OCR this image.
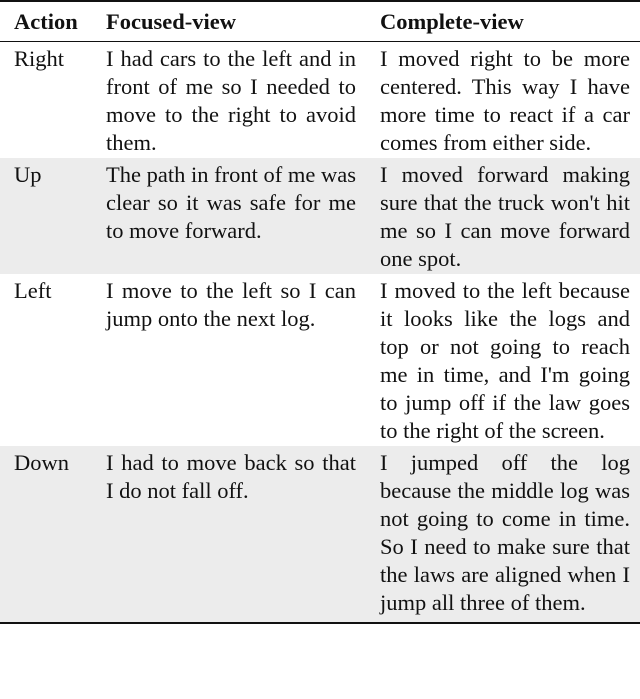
Action	Focused-view	Complete-view
Right	I had cars to the left and in front of me so I needed to move to the right to avoid them.	I moved right to be more centered. This way I have more time to react if a car comes from either side.
Up	The path in front of me was clear so it was safe for me to move forward.	I moved forward making sure that the truck won't hit me so I can move forward one spot.
Left	I move to the left so I can jump onto the next log.	I moved to the left because it looks like the logs and top or not going to reach me in time, and I'm going to jump off if the law goes to the right of the screen.
Down	I had to move back so that I do not fall off.	I jumped off the log because the middle log was not going to come in time. So I need to make sure that the laws are aligned when I jump all three of them.
